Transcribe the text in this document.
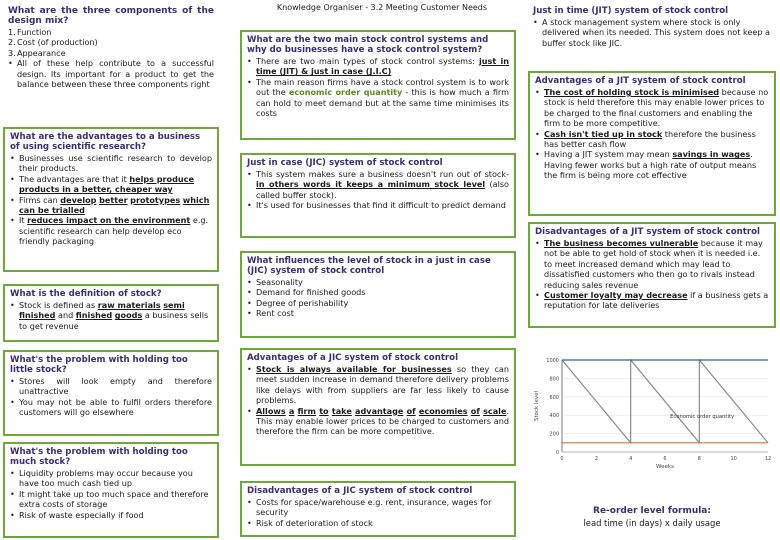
What are the three components of the design mix?
1. Function
2. Cost (of production)
3. Appearance
• All of these help contribute to a successful design. Its important for a product to get the balance between these three components right
What are the advantages to a business of using scientific research?
• Businesses use scientific research to develop their products.
• The advantages are that it helps produce products in a better, cheaper way
• Firms can develop better prototypes which can be trialled
• It reduces impact on the environment e.g. scientific research can help develop eco friendly packaging
What is the definition of stock?
• Stock is defined as raw materials semi finished and finished goods a business sells to get revenue
What's the problem with holding too little stock?
• Stores will look empty and therefore unattractive
• You may not be able to fulfil orders therefore customers will go elsewhere
What's the problem with holding too much stock?
• Liquidity problems may occur because you have too much cash tied up
• It might take up too much space and therefore extra costs of storage
• Risk of waste especially if food
Knowledge Organiser - 3.2 Meeting Customer Needs
What are the two main stock control systems and why do businesses have a stock control system?
• There are two main types of stock control systems: just in time (JIT) & just in case (J.I.C)
• The main reason firms have a stock control system is to work out the economic order quantity - this is how much a firm can hold to meet demand but at the same time minimises its costs
Just in case (JIC) system of stock control
• This system makes sure a business doesn't run out of stock- in others words it keeps a minimum stock level (also called buffer stock).
• It's used for businesses that find it difficult to predict demand
What influences the level of stock in a just in case (JIC) system of stock control
• Seasonality
• Demand for finished goods
• Degree of perishability
• Rent cost
Advantages of a JIC system of stock control
• Stock is always available for businesses so they can meet sudden increase in demand therefore delivery problems like delays with from suppliers are far less likely to cause problems.
• Allows a firm to take advantage of economies of scale. This may enable lower prices to be charged to customers and therefore the firm can be more competitive.
Disadvantages of a JIC system of stock control
• Costs for space/warehouse e.g. rent, insurance, wages for security
• Risk of deterioration of stock
Just in time (JIT) system of stock control
• A stock management system where stock is only delivered when its needed. This system does not keep a buffer stock like JIC.
Advantages of a JIT system of stock control
• The cost of holding stock is minimised because no stock is held therefore this may enable lower prices to be charged to the final customers and enabling the firm to be more competitive.
• Cash isn't tied up in stock therefore the business has better cash flow
• Having a JIT system may mean savings in wages. Having fewer works but a high rate of output means the firm is being more cot effective
Disadvantages of a JIT system of stock control
• The business becomes vulnerable because it may not be able to get hold of stock when it is needed i.e. to meet increased demand which may lead to dissatisfied customers who then go to rivals instead reducing sales revenue
• Customer loyalty may decrease if a business gets a reputation for late deliveries
0
200
400
600
800
1000
0	2	4	6	8	10	12
Weeks
Stock level	Economic order quantity
Re-order level formula:
lead time (in days) x daily usage
